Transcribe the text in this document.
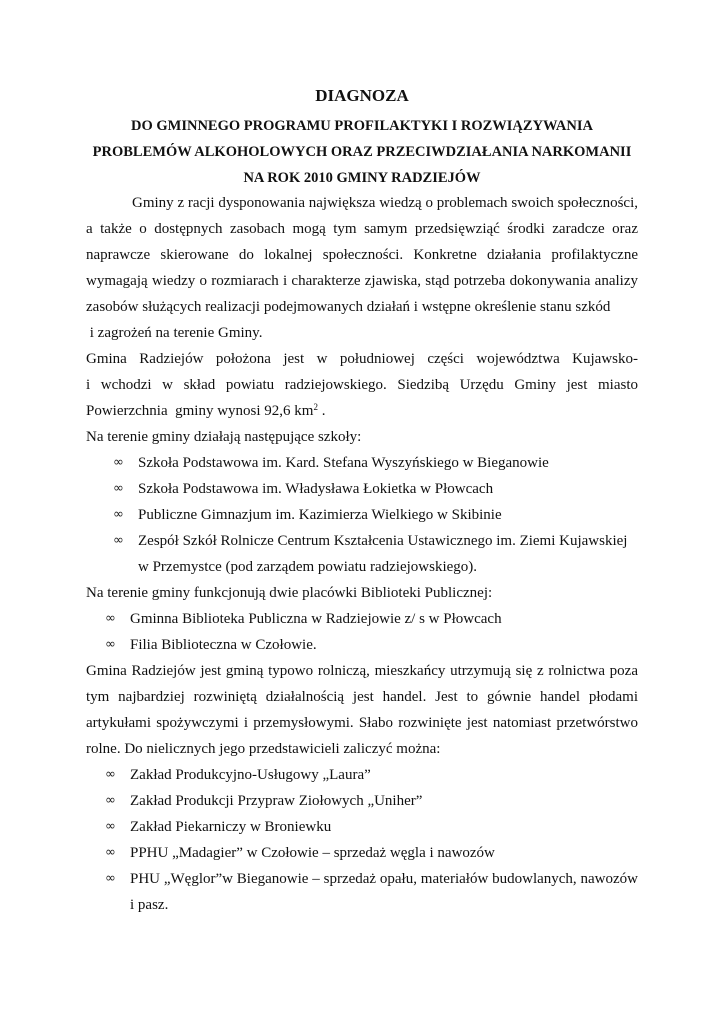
DIAGNOZA

DO GMINNEGO PROGRAMU PROFILAKTYKI I ROZWIĄZYWANIA

PROBLEMÓW ALKOHOLOWYCH ORAZ PRZECIWDZIAŁANIA NARKOMANII

NA ROK 2010 GMINY RADZIEJÓW

Gminy z racji dysponowania największa wiedzą o problemach swoich społeczności,

a także o dostępnych zasobach mogą tym samym przedsięwziąć środki zaradcze oraz

naprawcze skierowane do lokalnej społeczności. Konkretne działania profilaktyczne

wymagają wiedzy o rozmiarach i charakterze zjawiska, stąd potrzeba dokonywania analizy

zasobów służących realizacji podejmowanych działań i wstępne określenie stanu szkód

i zagrożeń na terenie Gminy.

Gmina Radziejów położona jest w południowej części województwa Kujawsko-

i wchodzi w skład powiatu radziejowskiego. Siedzibą Urzędu Gminy jest miasto

Powierzchnia  gminy wynosi 92,6 $km^2$ .

Na terenie gminy działają następujące szkoły:

∞ Szkoła Podstawowa im. Kard. Stefana Wyszyńskiego w Bieganowie

∞ Szkoła Podstawowa im. Władysława Łokietka w Płowcach

∞ Publiczne Gimnazjum im. Kazimierza Wielkiego w Skibinie

∞ Zespół Szkół Rolnicze Centrum Kształcenia Ustawicznego im. Ziemi Kujawskiej

w Przemystce (pod zarządem powiatu radziejowskiego).

Na terenie gminy funkcjonują dwie placówki Biblioteki Publicznej:

∞ Gminna Biblioteka Publiczna w Radziejowie z/ s w Płowcach

∞ Filia Biblioteczna w Czołowie.

Gmina Radziejów jest gminą typowo rolniczą, mieszkańcy utrzymują się z rolnictwa poza

tym najbardziej rozwiniętą działalnością jest handel. Jest to gównie handel płodami

artykułami spożywczymi i przemysłowymi. Słabo rozwinięte jest natomiast przetwórstwo

rolne. Do nielicznych jego przedstawicieli zaliczyć można:

∞ Zakład Produkcyjno-Usługowy „Laura”

∞ Zakład Produkcji Przypraw Ziołowych „Uniher”

∞ Zakład Piekarniczy w Broniewku

∞ PPHU „Madagier” w Czołowie – sprzedaż węgla i nawozów

∞ PHU „Węglor”w Bieganowie – sprzedaż opału, materiałów budowlanych, nawozów

i pasz.
